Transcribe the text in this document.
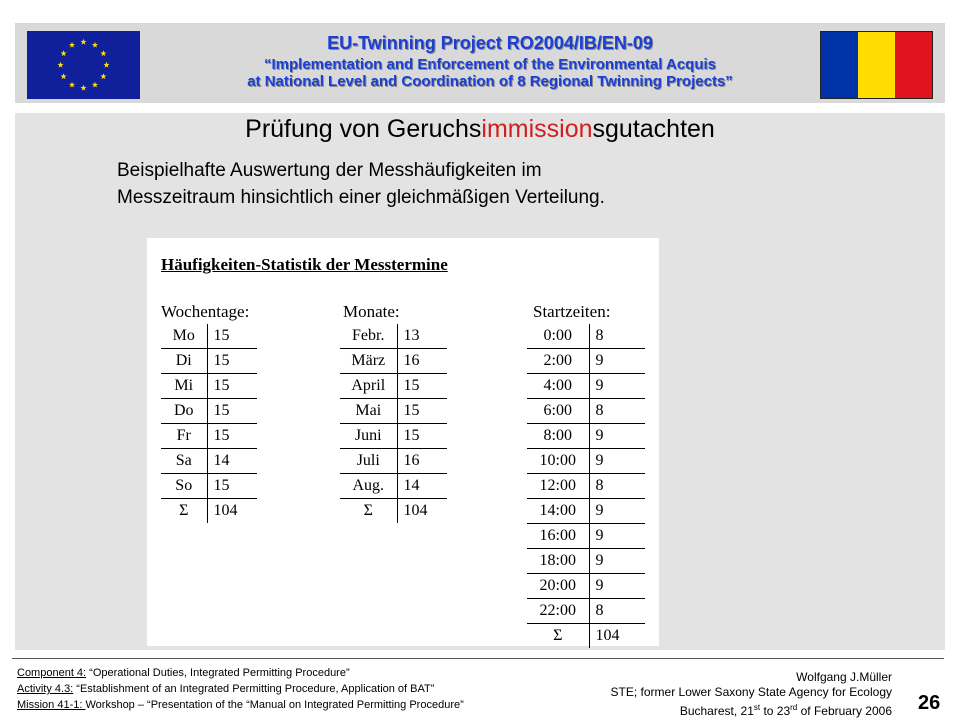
EU-Twinning Project RO2004/IB/EN-09
“Implementation and Enforcement of the Environmental Acquis
at National Level and Coordination of 8 Regional Twinning Projects”
Prüfung von Geruchsimmissionsgutachten
Beispielhafte Auswertung der Messhäufigkeiten im
Messzeitraum hinsichtlich einer gleichmäßigen Verteilung.
Häufigkeiten-Statistik der Messtermine
Wochentage:
Mo	15
Di	15
Mi	15
Do	15
Fr	15
Sa	14
So	15
Σ	104
Monate:
Febr.	13
März	16
April	15
Mai	15
Juni	15
Juli	16
Aug.	14
Σ	104
Startzeiten:
0:00	8
2:00	9
4:00	9
6:00	8
8:00	9
10:00	9
12:00	8
14:00	9
16:00	9
18:00	9
20:00	9
22:00	8
Σ	104
Component 4: “Operational Duties, Integrated Permitting Procedure”
Activity 4.3: “Establishment of an Integrated Permitting Procedure, Application of BAT”
Mission 41-1: Workshop – “Presentation of the “Manual on Integrated Permitting Procedure”
Wolfgang J.Müller
STE; former Lower Saxony State Agency for Ecology
Bucharest, 21st to 23rd of February 2006 26
